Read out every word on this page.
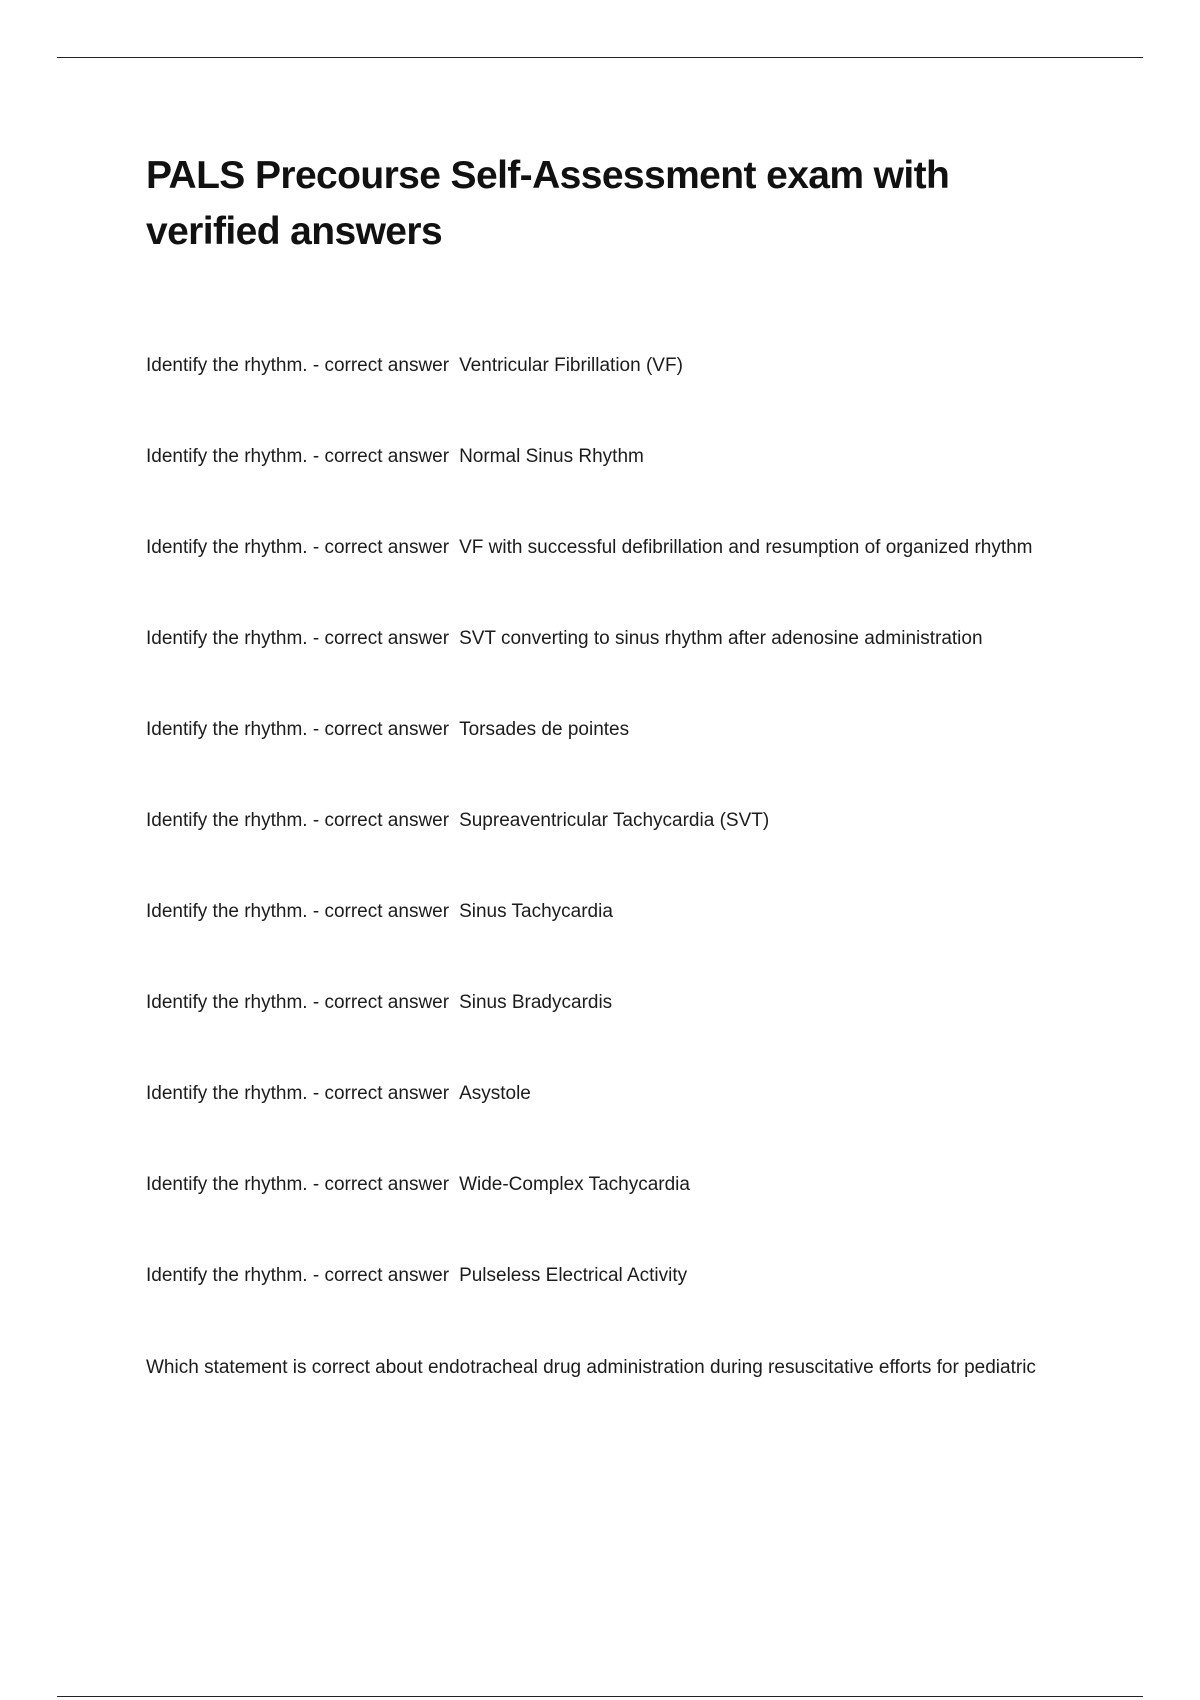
PALS Precourse Self-Assessment exam with verified answers
Identify the rhythm. - correct answer Ventricular Fibrillation (VF)
Identify the rhythm. - correct answer Normal Sinus Rhythm
Identify the rhythm. - correct answer VF with successful defibrillation and resumption of organized rhythm
Identify the rhythm. - correct answer SVT converting to sinus rhythm after adenosine administration
Identify the rhythm. - correct answer Torsades de pointes
Identify the rhythm. - correct answer Supreaventricular Tachycardia (SVT)
Identify the rhythm. - correct answer Sinus Tachycardia
Identify the rhythm. - correct answer Sinus Bradycardis
Identify the rhythm. - correct answer Asystole
Identify the rhythm. - correct answer Wide-Complex Tachycardia
Identify the rhythm. - correct answer Pulseless Electrical Activity
Which statement is correct about endotracheal drug administration during resuscitative efforts for pediatric
